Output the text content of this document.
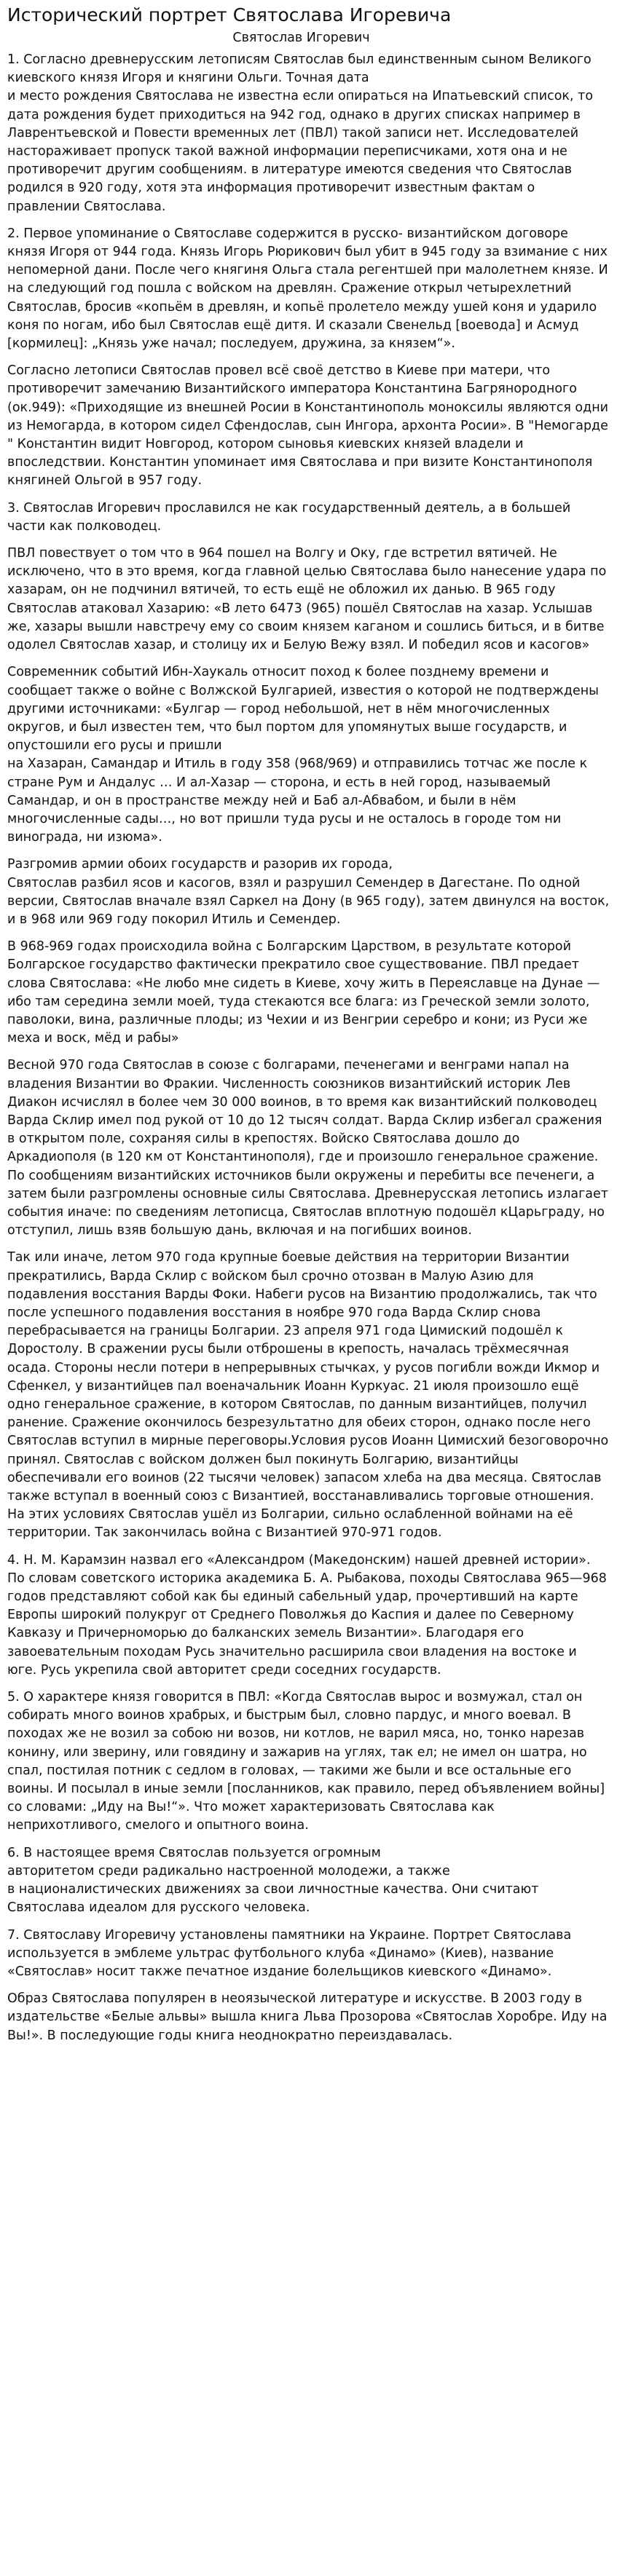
Исторический портрет Святослава Игоревича
Святослав Игоревич

1. Согласно древнерусским летописям Святослав был единственным сыном Великого киевского князя Игоря и княгини Ольги. Точная дата
и место рождения Святослава не известна если опираться на Ипатьевский список, то дата рождения будет приходиться на 942 год, однако в других списках например в Лаврентьевской и Повести временных лет (ПВЛ) такой записи нет. Исследователей настораживает пропуск такой важной информации переписчиками, хотя она и не противоречит другим сообщениям. в литературе имеются сведения что Святослав родился в 920 году, хотя эта информация противоречит известным фактам о правлении Святослава.

2. Первое упоминание о Святославе содержится в русско- византийском договоре князя Игоря от 944 года. Князь Игорь Рюрикович был убит в 945 году за взимание с них непомерной дани. После чего княгиня Ольга стала регентшей при малолетнем князе. И на следующий год пошла с войском на древлян. Сражение открыл четырехлетний Святослав, бросив «копьём в древлян, и копьё пролетело между ушей коня и ударило коня по ногам, ибо был Святослав ещё дитя. И сказали Свенельд [воевода] и Асмуд [кормилец]: „Князь уже начал; последуем, дружина, за князем“».

Согласно летописи Святослав провел всё своё детство в Киеве при матери, что противоречит замечанию Византийского императора Константина Багрянородного (ок.949): «Приходящие из внешней Росии в Константинополь моноксилы являются одни из Немогарда, в котором сидел Сфендослав, сын Ингора, архонта Росии». В "Немогарде " Константин видит Новгород, котором сыновья киевских князей владели и впоследствии. Константин упоминает имя Святослава и при визите Константинополя княгиней Ольгой в 957 году.

3. Святослав Игоревич прославился не как государственный деятель, а в большей части как полководец.

ПВЛ повествует о том что в 964 пошел на Волгу и Оку, где встретил вятичей. Не исключено, что в это время, когда главной целью Святослава было нанесение удара по хазарам, он не подчинил вятичей, то есть ещё не обложил их данью. В 965 году Святослав атаковал Хазарию: «В лето 6473 (965) пошёл Святослав на хазар. Услышав же, хазары вышли навстречу ему со своим князем каганом и сошлись биться, и в битве одолел Святослав хазар, и столицу их и Белую Вежу взял. И победил ясов и касогов»

Современник событий Ибн-Хаукаль относит поход к более позднему времени и сообщает также о войне с Волжской Булгарией, известия о которой не подтверждены другими источниками: «Булгар — город небольшой, нет в нём многочисленных округов, и был известен тем, что был портом для упомянутых выше государств, и опустошили его русы и пришли
на Хазаран, Самандар и Итиль в году 358 (968/969) и отправились тотчас же после к стране Рум и Андалус … И ал-Хазар — сторона, и есть в ней город, называемый Самандар, и он в пространстве между ней и Баб ал-Абвабом, и были в нём многочисленные сады…, но вот пришли туда русы и не осталось в городе том ни винограда, ни изюма».

Разгромив армии обоих государств и разорив их города,
Святослав разбил ясов и касогов, взял и разрушил Семендер в Дагестане. По одной версии, Святослав вначале взял Саркел на Дону (в 965 году), затем двинулся на восток, и в 968 или 969 году покорил Итиль и Семендер.

В 968-969 годах происходила война с Болгарским Царством, в результате которой Болгарское государство фактически прекратило свое существование. ПВЛ предает слова Святослава: «Не любо мне сидеть в Киеве, хочу жить в Переяславце на Дунае — ибо там середина земли моей, туда стекаются все блага: из Греческой земли золото, паволоки, вина, различные плоды; из Чехии и из Венгрии серебро и кони; из Руси же меха и воск, мёд и рабы»

Весной 970 года Святослав в союзе с болгарами, печенегами и венграми напал на владения Византии во Фракии. Численность союзников византийский историк Лев Диакон исчислял в более чем 30 000 воинов, в то время как византийский полководец Варда Склир имел под рукой от 10 до 12 тысяч солдат. Варда Склир избегал сражения в открытом поле, сохраняя силы в крепостях. Войско Святослава дошло до Аркадиополя (в 120 км от Константинополя), где и произошло генеральное сражение. По сообщениям византийских источников были окружены и перебиты все печенеги, а затем были разгромлены основные силы Святослава. Древнерусская летопись излагает события иначе: по сведениям летописца, Святослав вплотную подошёл кЦарьграду, но отступил, лишь взяв большую дань, включая и на погибших воинов.

Так или иначе, летом 970 года крупные боевые действия на территории Византии прекратились, Варда Склир с войском был срочно отозван в Малую Азию для подавления восстания Варды Фоки. Набеги русов на Византию продолжались, так что после успешного подавления восстания в ноябре 970 года Варда Склир снова перебрасывается на границы Болгарии. 23 апреля 971 года Цимиский подошёл к Доростолу. В сражении русы были отброшены в крепость, началась трёхмесячная осада. Стороны несли потери в непрерывных стычках, у русов погибли вожди Икмор и Сфенкел, у византийцев пал военачальник Иоанн Куркуас. 21 июля произошло ещё одно генеральное сражение, в котором Святослав, по данным византийцев, получил ранение. Сражение окончилось безрезультатно для обеих сторон, однако после него Святослав вступил в мирные переговоры.Условия русов Иоанн Цимисхий безоговорочно принял. Святослав с войском должен был покинуть Болгарию, византийцы обеспечивали его воинов (22 тысячи человек) запасом хлеба на два месяца. Святослав также вступал в военный союз с Византией, восстанавливались торговые отношения. На этих условиях Святослав ушёл из Болгарии, сильно ослабленной войнами на её территории. Так закончилась война с Византией 970-971 годов.

4. Н. М. Карамзин назвал его «Александром (Македонским) нашей древней истории». По словам советского историка академика Б. А. Рыбакова, походы Святослава 965—968 годов представляют собой как бы единый сабельный удар, прочертивший на карте Европы широкий полукруг от Среднего Поволжья до Каспия и далее по Северному Кавказу и Причерноморью до балканских земель Византии». Благодаря его завоевательным походам Русь значительно расширила свои владения на востоке и юге. Русь укрепила свой авторитет среди соседних государств.

5. О характере князя говорится в ПВЛ: «Когда Святослав вырос и возмужал, стал он собирать много воинов храбрых, и быстрым был, словно пардус, и много воевал. В походах же не возил за собою ни возов, ни котлов, не варил мяса, но, тонко нарезав конину, или зверину, или говядину и зажарив на углях, так ел; не имел он шатра, но спал, постилая потник с седлом в головах, — такими же были и все остальные его воины. И посылал в иные земли [посланников, как правило, перед объявлением войны] со словами: „Иду на Вы!“». Что может характеризовать Святослава как неприхотливого, смелого и опытного воина.

6. В настоящее время Святослав пользуется огромным
авторитетом среди радикально настроенной молодежи, а также
в националистических движениях за свои личностные качества. Они считают Святослава идеалом для русского человека.

7. Святославу Игоревичу установлены памятники на Украине. Портрет Святослава используется в эмблеме ультрас футбольного клуба «Динамо» (Киев), название «Святослав» носит также печатное издание болельщиков киевского «Динамо».

Образ Святослава популярен в неоязыческой литературе и искусстве. В 2003 году в издательстве «Белые альвы» вышла книга Льва Прозорова «Святослав Хоробре. Иду на Вы!». В последующие годы книга неоднократно переиздавалась.
